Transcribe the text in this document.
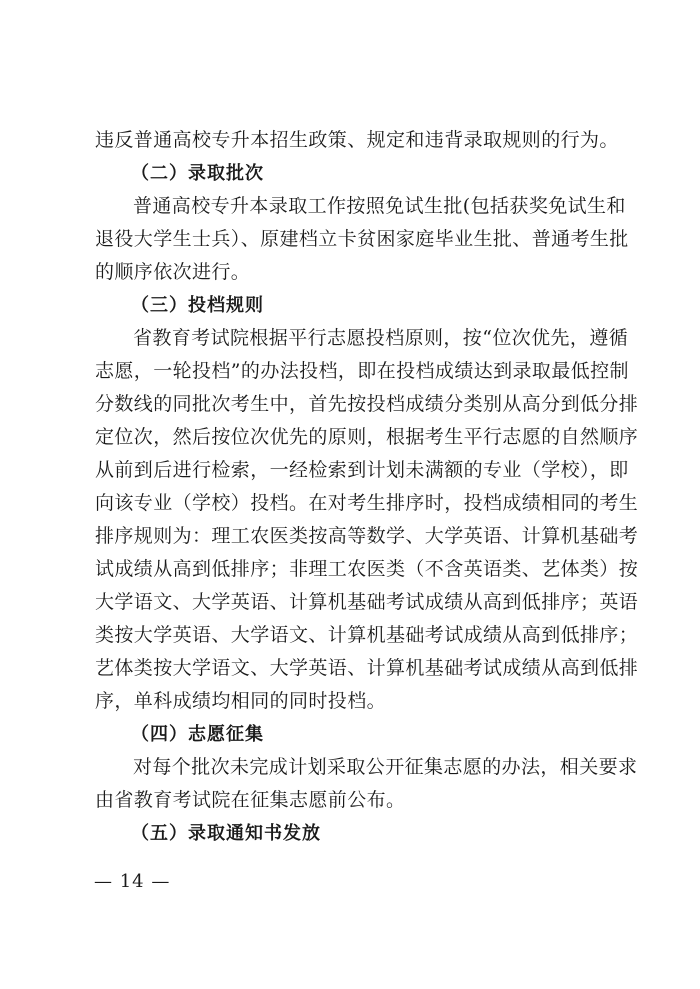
违反普通高校专升本招生政策、规定和违背录取规则的行为。
（二）录取批次
普通高校专升本录取工作按照免试生批(包括获奖免试生和
退役大学生士兵）、原建档立卡贫困家庭毕业生批、普通考生批
的顺序依次进行。
（三）投档规则
省教育考试院根据平行志愿投档原则，按“位次优先，遵循
志愿，一轮投档”的办法投档，即在投档成绩达到录取最低控制
分数线的同批次考生中，首先按投档成绩分类别从高分到低分排
定位次，然后按位次优先的原则，根据考生平行志愿的自然顺序
从前到后进行检索，一经检索到计划未满额的专业（学校），即
向该专业（学校）投档。在对考生排序时，投档成绩相同的考生
排序规则为：理工农医类按高等数学、大学英语、计算机基础考
试成绩从高到低排序；非理工农医类（不含英语类、艺体类）按
大学语文、大学英语、计算机基础考试成绩从高到低排序；英语
类按大学英语、大学语文、计算机基础考试成绩从高到低排序；
艺体类按大学语文、大学英语、计算机基础考试成绩从高到低排
序，单科成绩均相同的同时投档。
（四）志愿征集
对每个批次未完成计划采取公开征集志愿的办法，相关要求
由省教育考试院在征集志愿前公布。
（五）录取通知书发放
— 14 —
